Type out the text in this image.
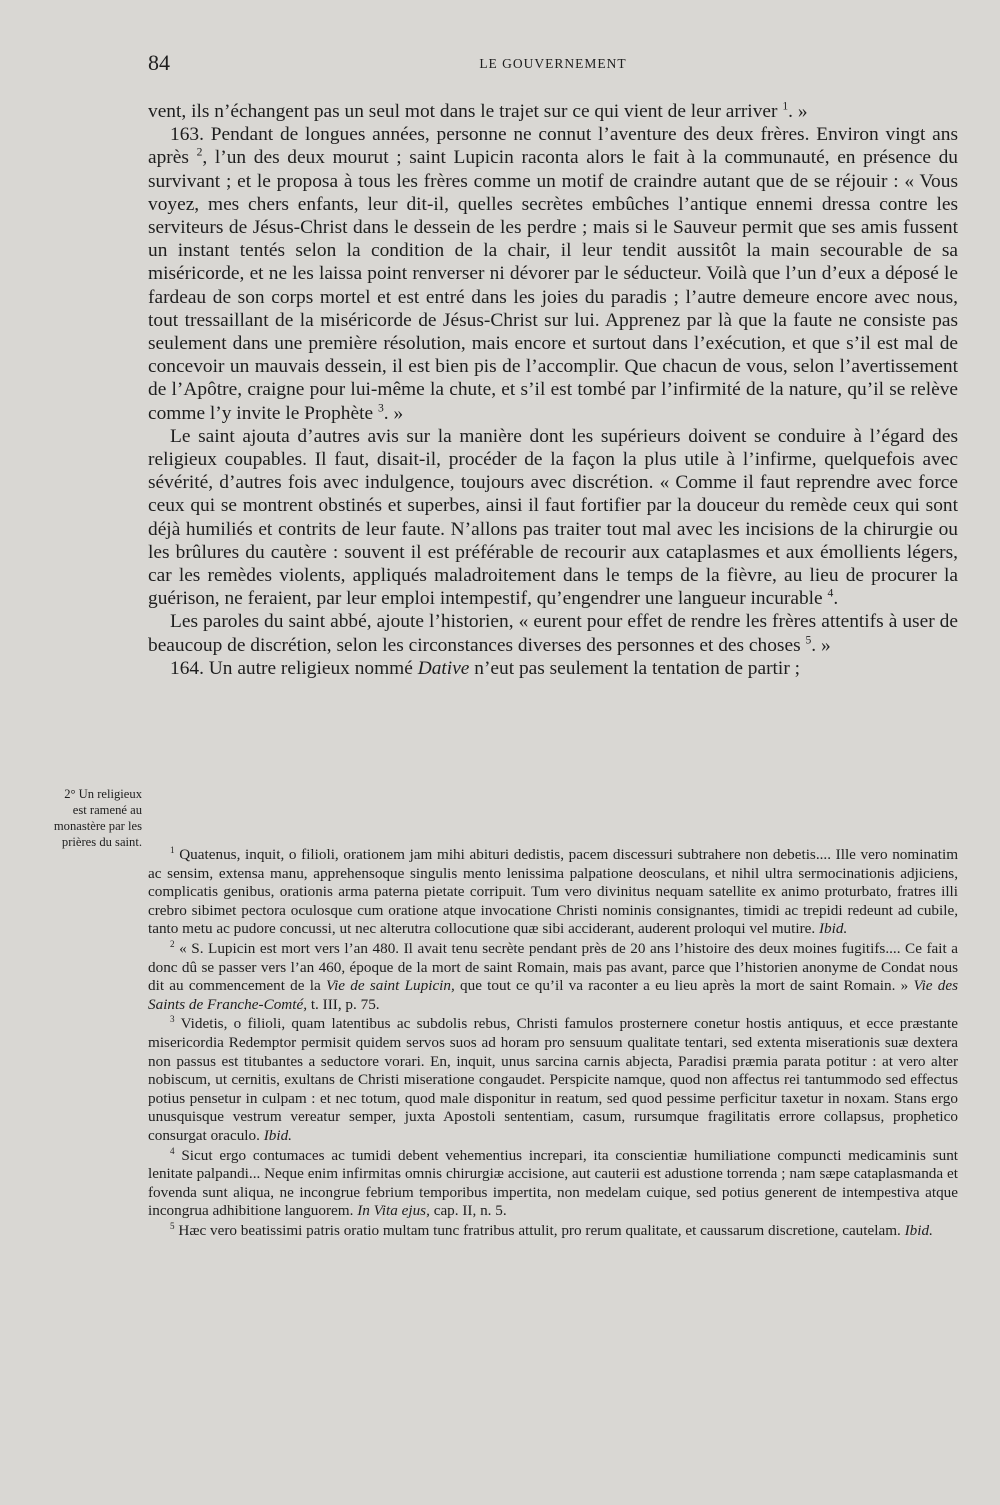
84	LE GOUVERNEMENT

vent, ils n’échangent pas un seul mot dans le trajet sur ce qui vient de leur arriver $^1$. »

163. Pendant de longues années, personne ne connut l’aventure des deux frères. Environ vingt ans après $^2$, l’un des deux mourut ; saint Lupicin raconta alors le fait à la communauté, en présence du survivant ; et le proposa à tous les frères comme un motif de craindre autant que de se réjouir : « Vous voyez, mes chers enfants, leur dit-il, quelles secrètes embûches l’antique ennemi dressa contre les serviteurs de Jésus-Christ dans le dessein de les perdre ; mais si le Sauveur permit que ses amis fussent un instant tentés selon la condition de la chair, il leur tendit aussitôt la main secourable de sa miséricorde, et ne les laissa point renverser ni dévorer par le séducteur. Voilà que l’un d’eux a déposé le fardeau de son corps mortel et est entré dans les joies du paradis ; l’autre demeure encore avec nous, tout tressaillant de la miséricorde de Jésus-Christ sur lui. Apprenez par là que la faute ne consiste pas seulement dans une première résolution, mais encore et surtout dans l’exécution, et que s’il est mal de concevoir un mauvais dessein, il est bien pis de l’accomplir. Que chacun de vous, selon l’avertissement de l’Apôtre, craigne pour lui-même la chute, et s’il est tombé par l’infirmité de la nature, qu’il se relève comme l’y invite le Prophète $^3$. »

Le saint ajouta d’autres avis sur la manière dont les supérieurs doivent se conduire à l’égard des religieux coupables. Il faut, disait-il, procéder de la façon la plus utile à l’infirme, quelquefois avec sévérité, d’autres fois avec indulgence, toujours avec discrétion. « Comme il faut reprendre avec force ceux qui se montrent obstinés et superbes, ainsi il faut fortifier par la douceur du remède ceux qui sont déjà humiliés et contrits de leur faute. N’allons pas traiter tout mal avec les incisions de la chirurgie ou les brûlures du cautère : souvent il est préférable de recourir aux cataplasmes et aux émollients légers, car les remèdes violents, appliqués maladroitement dans le temps de la fièvre, au lieu de procurer la guérison, ne feraient, par leur emploi intempestif, qu’engendrer une langueur incurable $^4$.

Les paroles du saint abbé, ajoute l’historien, « eurent pour effet de rendre les frères attentifs à user de beaucoup de discrétion, selon les circonstances diverses des personnes et des choses $^5$. »

164. Un autre religieux nommé Dative n’eut pas seulement la tentation de partir ;

2° Un religieux est ramené au monastère par les prières du saint.

$^1$ Quatenus, inquit, o filioli, orationem jam mihi abituri dedistis, pacem discessuri subtrahere non debetis.... Ille vero nominatim ac sensim, extensa manu, apprehensoque singulis mento lenissima palpatione deosculans, et nihil ultra sermocinationis adjiciens, complicatis genibus, orationis arma paterna pietate corripuit. Tum vero divinitus nequam satellite ex animo proturbato, fratres illi crebro sibimet pectora oculosque cum oratione atque invocatione Christi nominis consignantes, timidi ac trepidi redeunt ad cubile, tanto metu ac pudore concussi, ut nec alterutra collocutione quæ sibi acciderant, auderent proloqui vel mutire. Ibid.

$^2$ « S. Lupicin est mort vers l’an 480. Il avait tenu secrète pendant près de 20 ans l’histoire des deux moines fugitifs.... Ce fait a donc dû se passer vers l’an 460, époque de la mort de saint Romain, mais pas avant, parce que l’historien anonyme de Condat nous dit au commencement de la Vie de saint Lupicin, que tout ce qu’il va raconter a eu lieu après la mort de saint Romain. » Vie des Saints de Franche-Comté, t. III, p. 75.

$^3$ Videtis, o filioli, quam latentibus ac subdolis rebus, Christi famulos prosternere conetur hostis antiquus, et ecce præstante misericordia Redemptor permisit quidem servos suos ad horam pro sensuum qualitate tentari, sed extenta miserationis suæ dextera non passus est titubantes a seductore vorari. En, inquit, unus sarcina carnis abjecta, Paradisi præmia parata potitur : at vero alter nobiscum, ut cernitis, exultans de Christi miseratione congaudet. Perspicite namque, quod non affectus rei tantummodo sed effectus potius pensetur in culpam : et nec totum, quod male disponitur in reatum, sed quod pessime perficitur taxetur in noxam. Stans ergo unusquisque vestrum vereatur semper, juxta Apostoli sententiam, casum, rursumque fragilitatis errore collapsus, prophetico consurgat oraculo. Ibid.

$^4$ Sicut ergo contumaces ac tumidi debent vehementius increpari, ita conscientiæ humiliatione compuncti medicaminis sunt lenitate palpandi... Neque enim infirmitas omnis chirurgiæ accisione, aut cauterii est adustione torrenda ; nam sæpe cataplasmanda et fovenda sunt aliqua, ne incongrue febrium temporibus impertita, non medelam cuique, sed potius generent de intempestiva atque incongrua adhibitione languorem. In Vita ejus, cap. II, n. 5.

$^5$ Hæc vero beatissimi patris oratio multam tunc fratribus attulit, pro rerum qualitate, et caussarum discretione, cautelam. Ibid.
